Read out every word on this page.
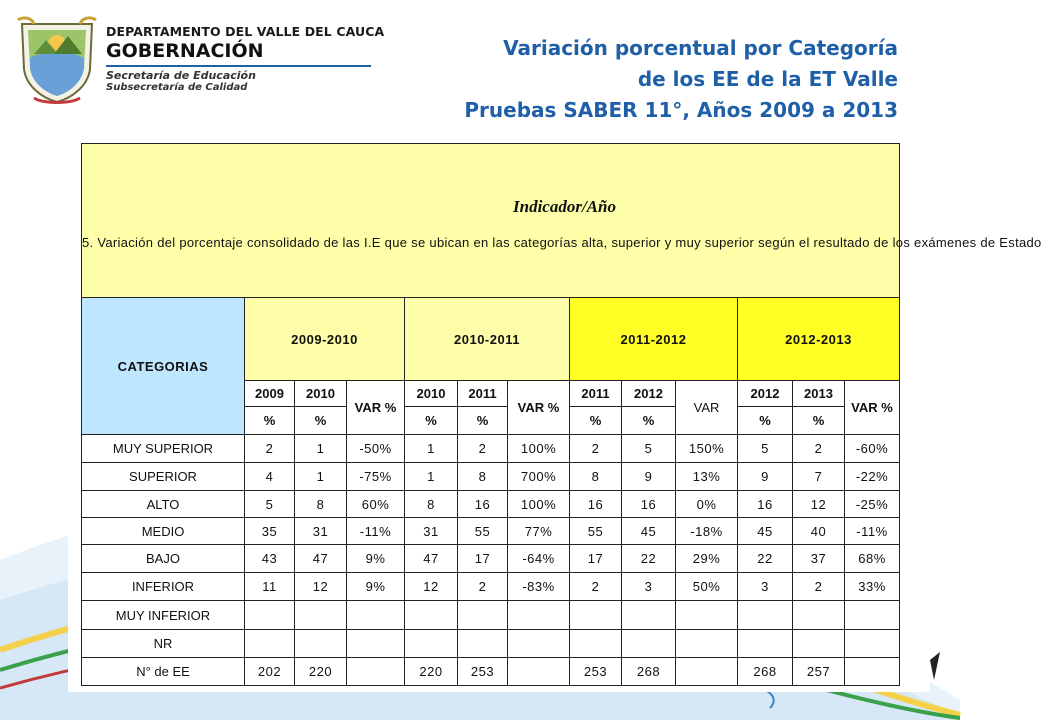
DEPARTAMENTO DEL VALLE DEL CAUCA
GOBERNACIÓN
Secretaría de Educación
Subsecretaría de Calidad
Variación porcentual por Categoría
de los EE de la ET Valle
Pruebas SABER 11°, Años 2009 a 2013
Indicador/Año
5. Variación del porcentaje consolidado de las I.E que se ubican en las categorías alta, superior y muy superior según el resultado de los exámenes de Estado												

CATEGORIAS	2009-2010			2010-2011			2011-2012			2012-2013		
	2009	2010	VAR %	2010	2011	VAR %	2011	2012	VAR	2012	2013	VAR %
	%	%		%	%		%	%		%	%	
MUY SUPERIOR	2	1	-50%	1	2	100%	2	5	150%	5	2	-60%
SUPERIOR	4	1	-75%	1	8	700%	8	9	13%	9	7	-22%
ALTO	5	8	60%	8	16	100%	16	16	0%	16	12	-25%
MEDIO	35	31	-11%	31	55	77%	55	45	-18%	45	40	-11%
BAJO	43	47	9%	47	17	-64%	17	22	29%	22	37	68%
INFERIOR	11	12	9%	12	2	-83%	2	3	50%	3	2	33%
MUY INFERIOR												
NR												
N° de EE	202	220		220	253		253	268		268	257	
